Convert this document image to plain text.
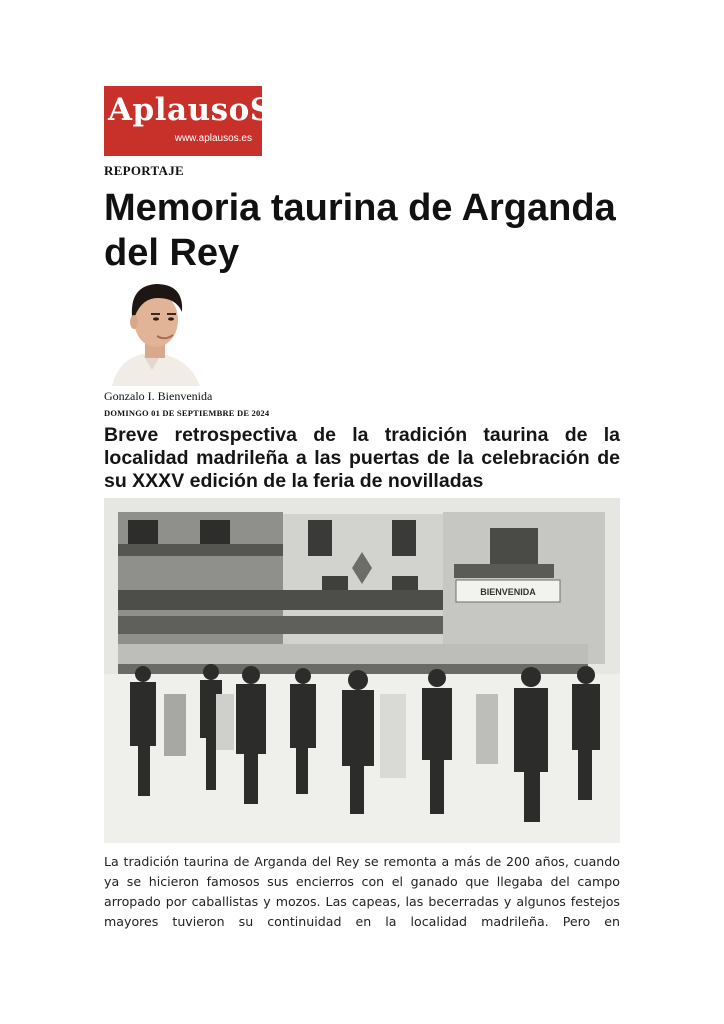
AplausoS
www.aplausos.es
REPORTAJE
Memoria taurina de Arganda del Rey
Gonzalo I. Bienvenida
DOMINGO 01 DE SEPTIEMBRE DE 2024

Breve retrospectiva de la tradición taurina de la localidad madrileña a las puertas de la celebración de su XXXV edición de la feria de novilladas

BIENVENIDA

La tradición taurina de Arganda del Rey se remonta a más de 200 años, cuando ya se hicieron famosos sus encierros con el ganado que llegaba del campo arropado por caballistas y mozos. Las capeas, las becerradas y algunos festejos mayores tuvieron su continuidad en la localidad madrileña. Pero en
